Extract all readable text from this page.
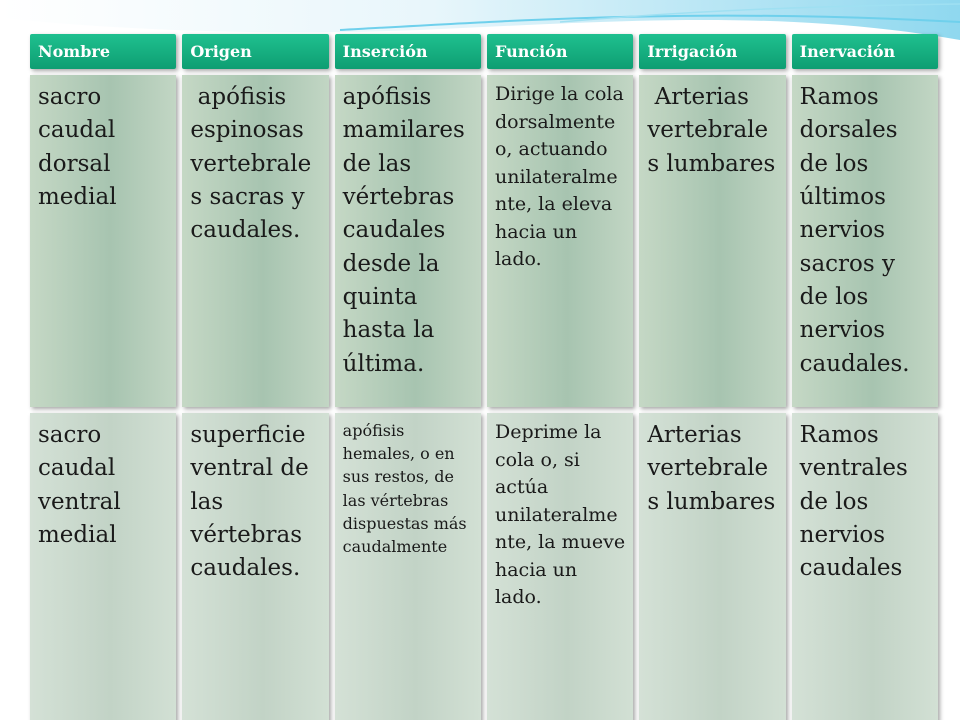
Nombre	Origen	Inserción	Función	Irrigación	Inervación
sacro caudal dorsal medial	apófisis espinosas vertebrales sacras y caudales.	apófisis mamilares de las vértebras caudales desde la quinta hasta la última.	Dirige la cola dorsalmente o, actuando unilateralmente, la eleva hacia un lado.	Arterias vertebrales lumbares	Ramos dorsales de los últimos nervios sacros y de los nervios caudales.
sacro caudal ventral medial	superficie ventral de las vértebras caudales.	apófisis hemales, o en sus restos, de las vértebras dispuestas más caudalmente	Deprime la cola o, si actúa unilateralmente, la mueve hacia un lado.	Arterias vertebrales lumbares	Ramos ventrales de los nervios caudales
